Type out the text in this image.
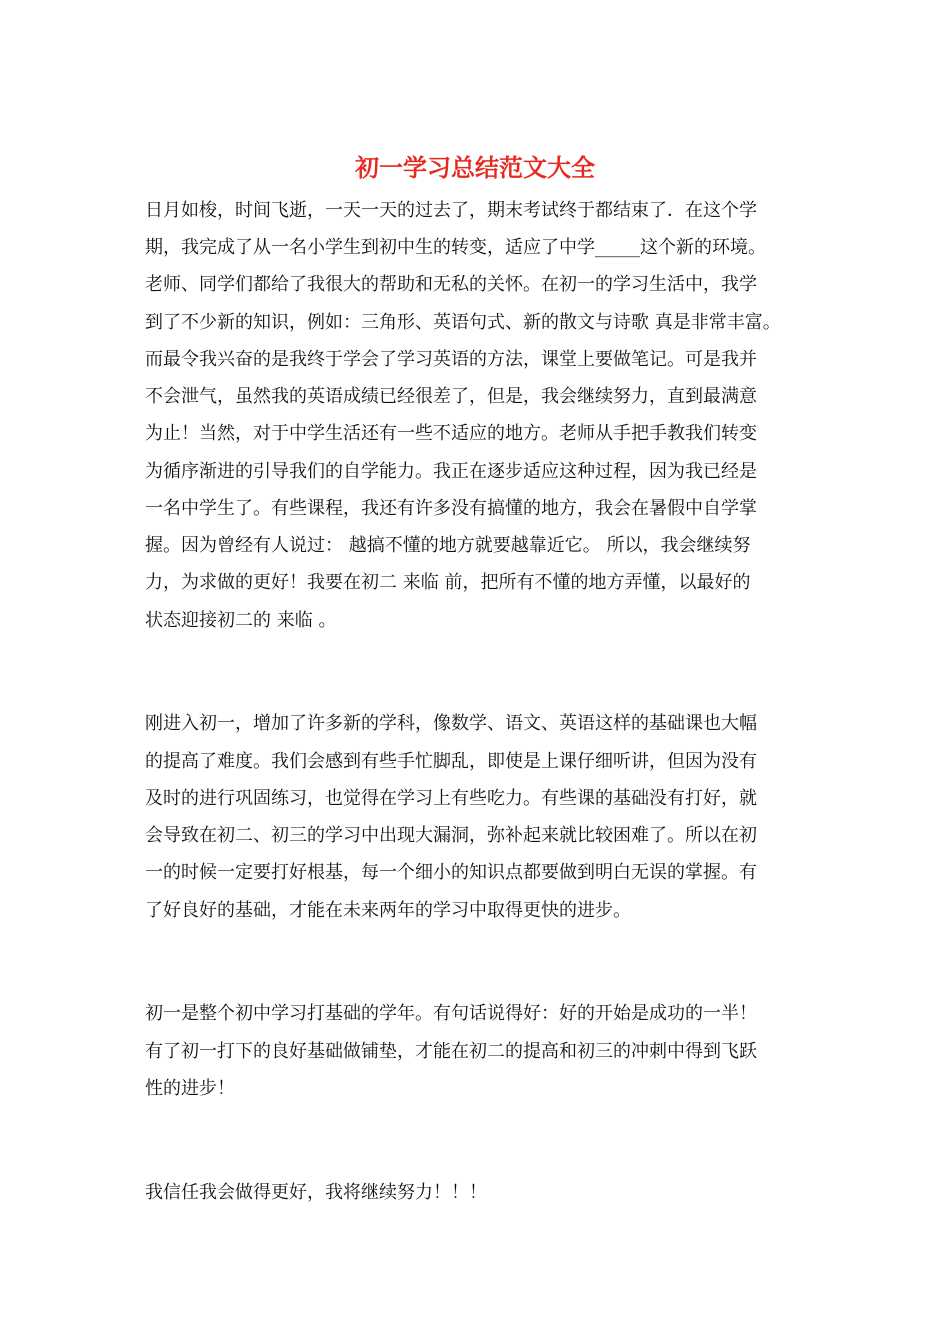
初一学习总结范文大全

日月如梭，时间飞逝，一天一天的过去了，期末考试终于都结束了．在这个学

期，我完成了从一名小学生到初中生的转变，适应了中学_____这个新的环境。

老师、同学们都给了我很大的帮助和无私的关怀。在初一的学习生活中，我学

到了不少新的知识，例如：三角形、英语句式、新的散文与诗歌 真是非常丰富。

而最令我兴奋的是我终于学会了学习英语的方法，课堂上要做笔记。可是我并

不会泄气，虽然我的英语成绩已经很差了，但是，我会继续努力，直到最满意

为止！当然，对于中学生活还有一些不适应的地方。老师从手把手教我们转变

为循序渐进的引导我们的自学能力。我正在逐步适应这种过程，因为我已经是

一名中学生了。有些课程，我还有许多没有搞懂的地方，我会在暑假中自学掌

握。因为曾经有人说过： 越搞不懂的地方就要越靠近它。 所以，我会继续努

力，为求做的更好！我要在初二 来临 前，把所有不懂的地方弄懂，以最好的

状态迎接初二的 来临 。

刚进入初一，增加了许多新的学科，像数学、语文、英语这样的基础课也大幅

的提高了难度。我们会感到有些手忙脚乱，即使是上课仔细听讲，但因为没有

及时的进行巩固练习，也觉得在学习上有些吃力。有些课的基础没有打好，就

会导致在初二、初三的学习中出现大漏洞，弥补起来就比较困难了。所以在初

一的时候一定要打好根基，每一个细小的知识点都要做到明白无误的掌握。有

了好良好的基础，才能在未来两年的学习中取得更快的进步。

初一是整个初中学习打基础的学年。有句话说得好：好的开始是成功的一半！

有了初一打下的良好基础做铺垫，才能在初二的提高和初三的冲刺中得到飞跃

性的进步！

我信任我会做得更好，我将继续努力！！！
